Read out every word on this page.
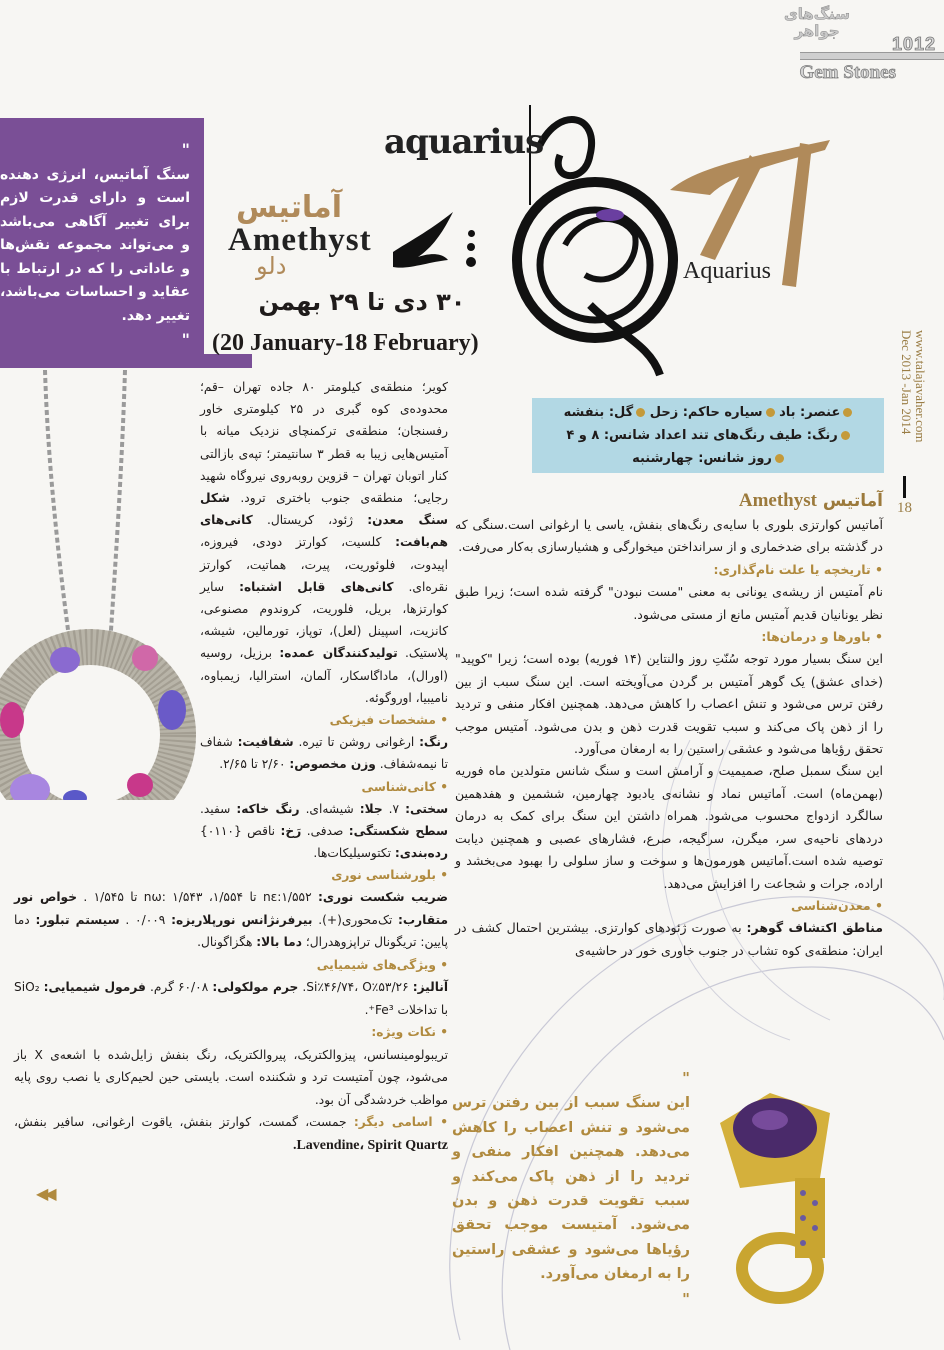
سنگ‌های جواهر
1012
Gem Stones
"
سنگ آماتیس، انرژی دهنده است و دارای قدرت لازم برای تغییر آگاهی می‌باشد و می‌تواند مجموعه نقش‌ها و عاداتی را که در ارتباط با عقاید و احساسات می‌باشد، تغییر دهد.
"
aquarius
آماتیس
Amethyst
دلو
۳۰ دی تا ۲۹ بهمن
(20 January-18 February)
Aquarius
www.talajavaher.com
Dec 2013 -Jan 2014
18
عنصر: باد سیاره حاکم: زحل گل: بنفشه
رنگ: طیف رنگ‌های تند اعداد شانس: ۸ و ۴
روز شانس: چهارشنبه
آماتیس Amethyst

آماتیس کوارتزی بلوری با سایه‌ی رنگ‌های بنفش، یاسی یا ارغوانی است.سنگی که در گذشته برای ضدخماری و از سرانداختن میخوارگی و هشیارسازی به‌کار می‌رفت.

• تاریخچه یا علت نام‌گذاری:

نام آمتیس از ریشه‌ی یونانی به معنی "مست نبودن" گرفته شده است؛ زیرا طبق نظر یونانیان قدیم آمتیس مانع از مستی می‌شود.

• باورها و درمان‌ها:

این سنگ بسیار مورد توجه سُنّتِ روز والنتاین (۱۴ فوریه) بوده است؛ زیرا "کوپید" (خدای عشق) یک گوهر آمتیس بر گردن می‌آویخته است. این سنگ سبب از بین رفتن ترس می‌شود و تنش اعصاب را کاهش می‌دهد. همچنین افکار منفی و تردید را از ذهن پاک می‌کند و سبب تقویت قدرت ذهن و بدن می‌شود. آمتیس موجب تحقق رؤیاها می‌شود و عشقی راستین را به ارمغان می‌آورد.

این سنگ سمبل صلح، صمیمیت و آرامش است و سنگ شانس متولدین ماه فوریه (بهمن‌ماه) است. آماتیس نماد و نشانه‌ی یادبود چهارمین، ششمین و هفدهمین سالگرد ازدواج محسوب می‌شود. همراه داشتن این سنگ برای کمک به درمان دردهای ناحیه‌ی سر، میگرن، سرگیجه، صرع، فشارهای عصبی و همچنین دیابت توصیه شده است.آماتیس هورمون‌ها و سوخت و ساز سلولی را بهبود می‌بخشد و اراده، جرات و شجاعت را افزایش می‌دهد.

• معدن‌شناسی

مناطق اکتشاف گوهر: به صورت ژئودهای کوارتزی. بیشترین احتمال کشف در ایران: منطقه‌ی کوه تشاب در جنوب خاوری خور در حاشیه‌ی

کویر؛ منطقه‌ی کیلومتر ۸۰ جاده تهران –قم؛ محدوده‌ی کوه گبری در ۲۵ کیلومتری خاور رفسنجان؛ منطقه‌ی ترکمنچای نزدیک میانه با آمتیس‌هایی زیبا به قطر ۳ سانتیمتر؛ تپه‌ی بازالتی کنار اتوبان تهران – قزوین روبه‌روی نیروگاه شهید رجایی؛ منطقه‌ی جنوب باختری ترود. شکل سنگ معدن: ژئود، کریستال. کانی‌های هم‌بافت: کلسیت، کوارتز دودی، فیروزه، اپیدوت، فلوئوریت، پیرت، هماتیت، کوارتز نقره‌ای. کانی‌های قابل اشتباه: سایر کوارتزها، بریل، فلوریت، کروندوم مصنوعی، کانزیت، اسپینل (لعل)، توپاز، تورمالین، شیشه، پلاستیک. تولیدکنندگان عمده: برزیل، روسیه (اورال)، ماداگاسکار، آلمان، استرالیا، زیمباوه، نامیبیا، اوروگوئه.

• مشخصات فیزیکی

رنگ: ارغوانی روشن تا تیره. شفافیت: شفاف تا نیمه‌شفاف. وزن مخصوص: ۲/۶۰ تا ۲/۶۵.

• کانی‌شناسی

سختی: ۷. جلا: شیشه‌ای. رنگ خاکه: سفید. سطح شکستگی: صدفی. رَخ: ناقص {۰۱۱۰} رده‌بندی: تکتوسیلیکات‌ها.

• بلورشناسی نوری

ضریب شکست نوری: nε:۱/۵۵۲ تا ۱/۵۵۴، nω: ۱/۵۴۳ تا ۱/۵۴۵ . خواص نور متقارب: تک‌محوری(+). بیرفرنژانس نورپلاریزه: ۰/۰۰۹ . سیستم تبلور: دما پایین: تریگونال تراپزوهدرال؛ دما بالا: هگزاگونال.

• ویژگی‌های شیمیایی

آنالیز: Si٪۴۶/۷۴، O٪۵۳/۲۶. جرم مولکولی: ۶۰/۰۸ گرم. فرمول شیمیایی: SiO₂ با تداخلات Fe³⁺.

• نکات ویژه:

تریبولومینسانس، پیزوالکتریک، پیروالکتریک، رنگ بنفش زایل‌شده با اشعه‌ی X باز می‌شود، چون آمتیست ترد و شکننده است. بایستی حین لحیم‌کاری یا نصب روی پایه مواظب خردشدگی آن بود.

• اسامی دیگر: جمست، گمست، کوارتز بنفش، یاقوت ارغوانی، سافیر بنفش، Lavendine، Spirit Quartz.

◀◀
"
این سنگ سبب از بین رفتن ترس می‌شود و تنش اعصاب را کاهش می‌دهد. همچنین افکار منفی و تردید را از ذهن پاک می‌کند و سبب تقویت قدرت ذهن و بدن می‌شود. آمتیست موجب تحقق رؤیاها می‌شود و عشقی راستین را به ارمغان می‌آورد.
"
